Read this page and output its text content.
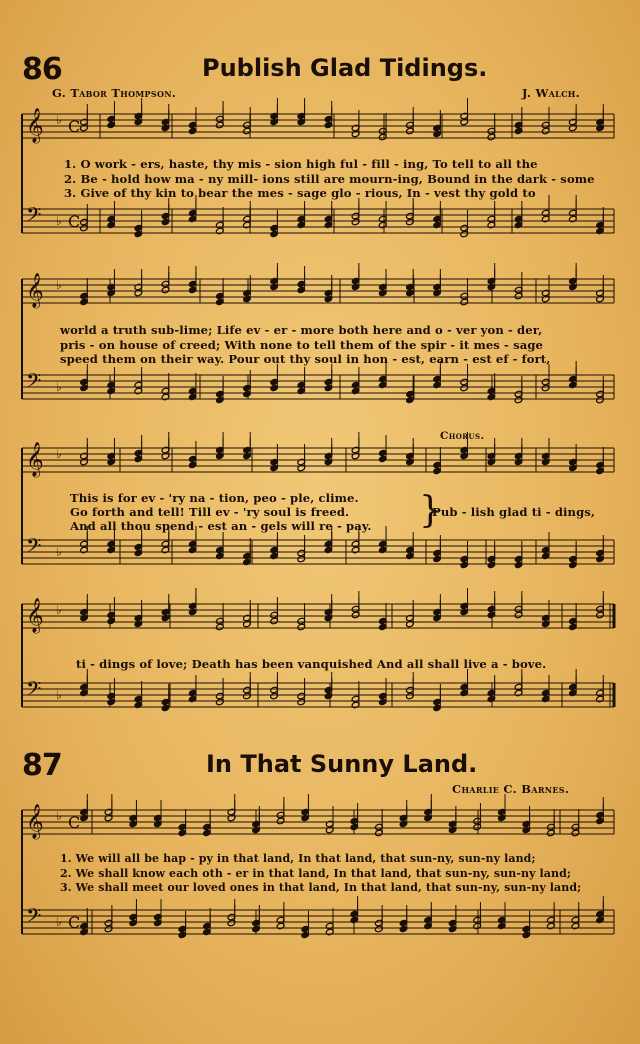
86	Publish Glad Tidings.
G. Tabor Thompson.	J. Walch.
𝄞
𝄢
♭
♭
C
C
𝄞
𝄢
♭
♭
𝄞
𝄢
♭
♭
𝄞
𝄢
♭
♭
𝄞
𝄢
♭
♭
C
C
1. O work - ers, haste, thy mis - sion high ful - fill - ing, To tell to all the
2. Be - hold how ma - ny mill- ions still are mourn-ing, Bound in the dark - some
3. Give of thy kin to bear the mes - sage glo - rious, In - vest thy gold to
world a truth sub-lime; Life ev - er - more both here and o - ver yon - der,
pris - on house of creed; With none to tell them of the spir - it mes - sage
speed them on their way. Pour out thy soul in hon - est, earn - est ef - fort,
Chorus.
This is for ev - 'ry na - tion, peo - ple, clime.
Go forth and tell! Till ev - 'ry soul is freed.
And all thou spend - est an - gels will re - pay. }
Pub - lish glad ti - dings,
ti - dings of love; Death has been vanquished And all shall live a - bove.
87	In That Sunny Land.
Charlie C. Barnes.
1. We will all be hap - py in that land, In that land, that sun-ny, sun-ny land;
2. We shall know each oth - er in that land, In that land, that sun-ny, sun-ny land;
3. We shall meet our loved ones in that land, In that land, that sun-ny, sun-ny land;
